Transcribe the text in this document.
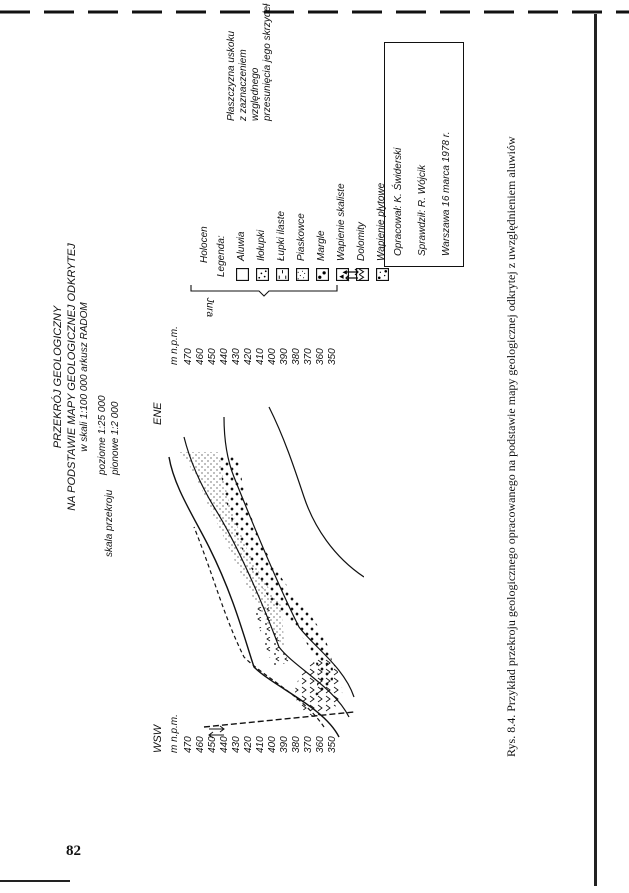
82
PRZEKRÓJ GEOLOGICZNY NA PODSTAWIE MAPY GEOLOGICZNEJ ODKRYTEJ w skali 1:100 000 arkusz RADOM
skala przekroju
poziome 1:25 000 pionowe 1:2 000
WSW
ENE
m n.p.m. 470 460 450 440 430 420 410 400 390 380 370 360 350
m n.p.m. 470 460 450 440 430 420 410 400 390 380 370 360 350
Legenda:
Holocen
Jura
Aluwia Iłołupki Łupki ilaste Piaskowce Margle Wapienie skaliste Dolomity Wapienie płytowe
Płaszczyzna uskoku z zaznaczeniem względnego przesunięcia jego skrzydeł
Opracował: K. Świderski Sprawdził: R. Wójcik Warszawa 16 marca 1978 r.	Rys. 8.4. Przykład przekroju geologicznego opracowanego na podstawie mapy geologicznej odkrytej z uwzględnieniem aluwiów
